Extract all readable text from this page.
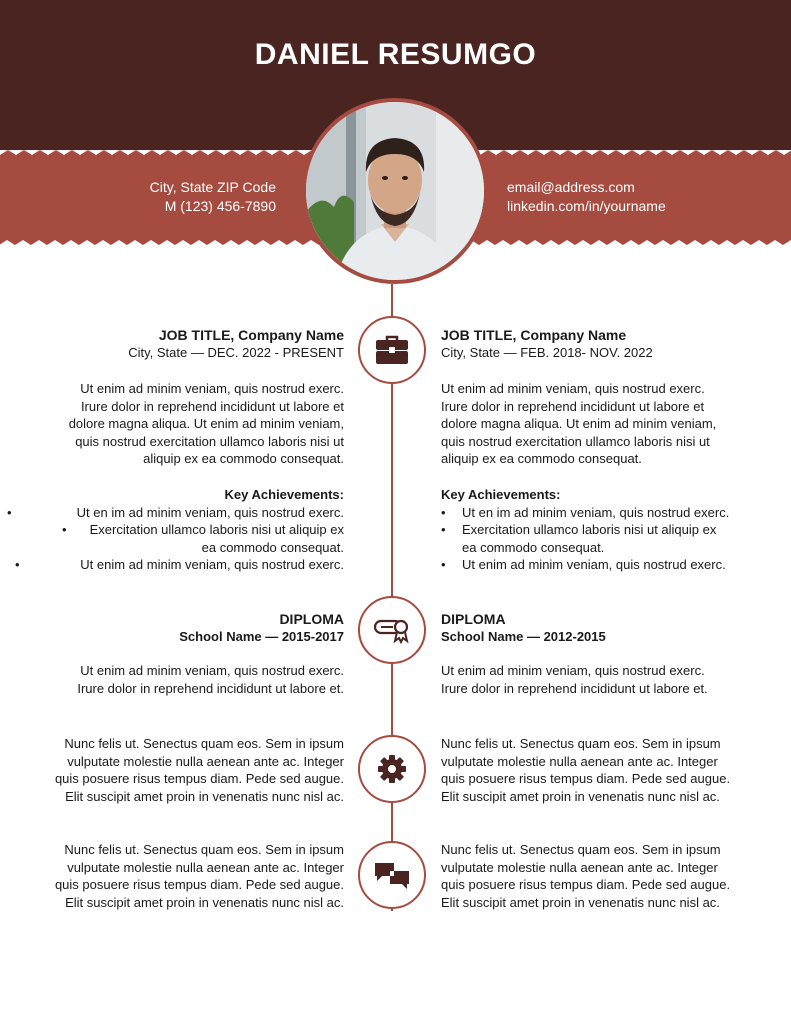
DANIEL RESUMGO
City, State ZIP Code
M (123) 456-7890
email@address.com
linkedin.com/in/yourname
JOB TITLE, Company Name
City, State — DEC. 2022 - PRESENT
Ut enim ad minim veniam, quis nostrud exerc.
Irure dolor in reprehend incididunt ut labore et
dolore magna aliqua. Ut enim ad minim veniam,
quis nostrud exercitation ullamco laboris nisi ut
aliquip ex ea commodo consequat.
Key Achievements:
•	Ut en im ad minim veniam, quis nostrud exerc.
• Exercitation ullamco laboris nisi ut aliquip ex ea commodo consequat.
•	Ut enim ad minim veniam, quis nostrud exerc.
JOB TITLE, Company Name
City, State — FEB. 2018- NOV. 2022
Ut enim ad minim veniam, quis nostrud exerc.
Irure dolor in reprehend incididunt ut labore et
dolore magna aliqua. Ut enim ad minim veniam,
quis nostrud exercitation ullamco laboris nisi ut
aliquip ex ea commodo consequat.
Key Achievements:
• Ut en im ad minim veniam, quis nostrud exerc.
• Exercitation ullamco laboris nisi ut aliquip ex ea commodo consequat.
• Ut enim ad minim veniam, quis nostrud exerc.
DIPLOMA
School Name — 2015-2017
Ut enim ad minim veniam, quis nostrud exerc.
Irure dolor in reprehend incididunt ut labore et.
DIPLOMA
School Name — 2012-2015
Ut enim ad minim veniam, quis nostrud exerc.
Irure dolor in reprehend incididunt ut labore et.
Nunc felis ut. Senectus quam eos. Sem in ipsum
vulputate molestie nulla aenean ante ac. Integer
quis posuere risus tempus diam. Pede sed augue.
Elit suscipit amet proin in venenatis nunc nisl ac.
Nunc felis ut. Senectus quam eos. Sem in ipsum
vulputate molestie nulla aenean ante ac. Integer
quis posuere risus tempus diam. Pede sed augue.
Elit suscipit amet proin in venenatis nunc nisl ac.
Nunc felis ut. Senectus quam eos. Sem in ipsum
vulputate molestie nulla aenean ante ac. Integer
quis posuere risus tempus diam. Pede sed augue.
Elit suscipit amet proin in venenatis nunc nisl ac.
Nunc felis ut. Senectus quam eos. Sem in ipsum
vulputate molestie nulla aenean ante ac. Integer
quis posuere risus tempus diam. Pede sed augue.
Elit suscipit amet proin in venenatis nunc nisl ac.
